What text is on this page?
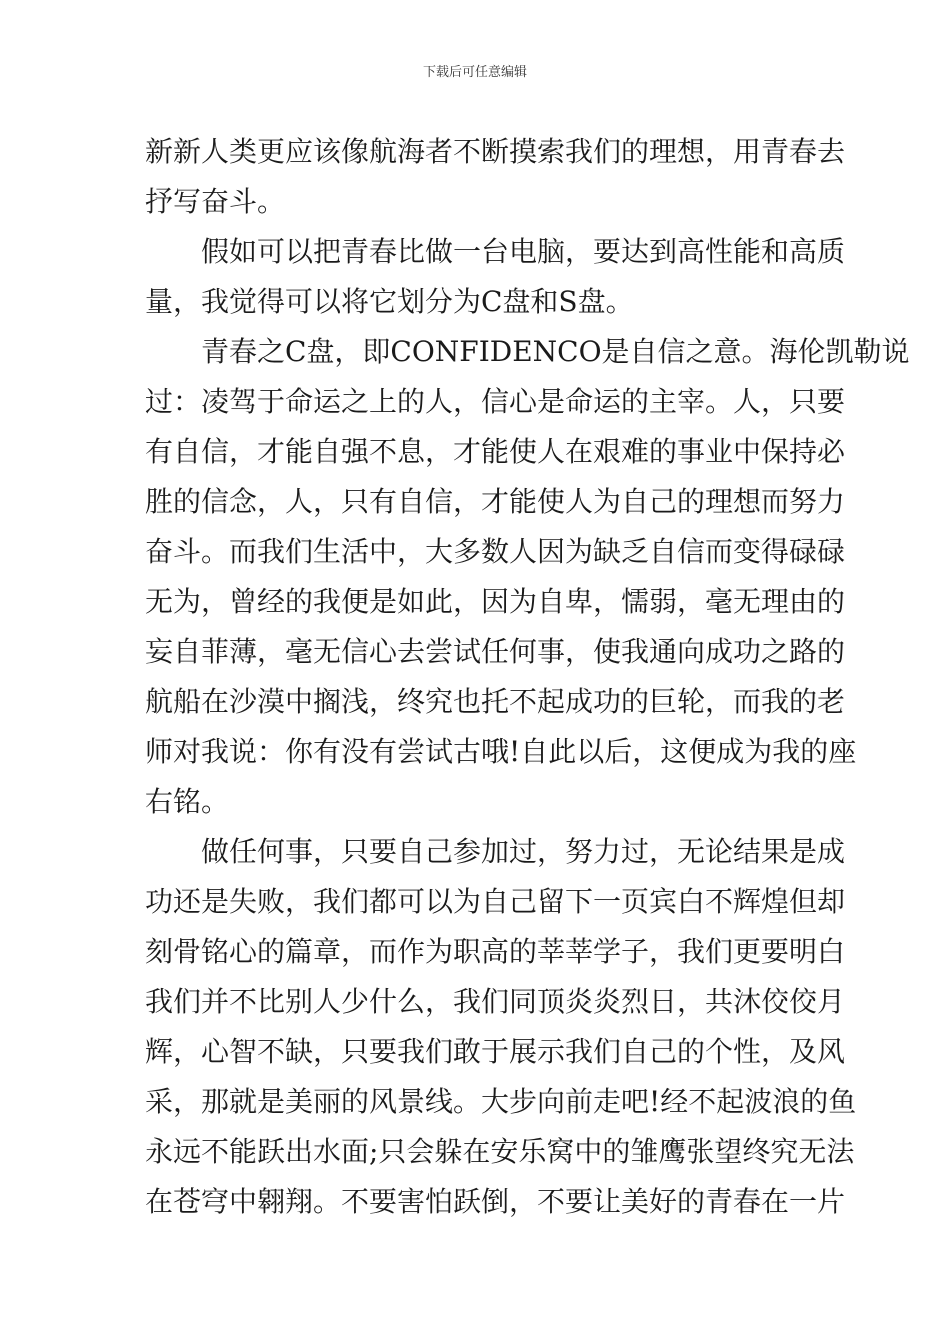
下载后可任意编辑
新新人类更应该像航海者不断摸索我们的理想，用青春去
抒写奋斗。
假如可以把青春比做一台电脑，要达到高性能和高质
量，我觉得可以将它划分为C盘和S盘。
青春之C盘，即CONFIDENCO是自信之意。海伦凯勒说
过：凌驾于命运之上的人，信心是命运的主宰。人，只要
有自信，才能自强不息，才能使人在艰难的事业中保持必
胜的信念，人，只有自信，才能使人为自己的理想而努力
奋斗。而我们生活中，大多数人因为缺乏自信而变得碌碌
无为，曾经的我便是如此，因为自卑，懦弱，毫无理由的
妄自菲薄，毫无信心去尝试任何事，使我通向成功之路的
航船在沙漠中搁浅，终究也托不起成功的巨轮，而我的老
师对我说：你有没有尝试古哦!自此以后，这便成为我的座
右铭。
做任何事，只要自己参加过，努力过，无论结果是成
功还是失败，我们都可以为自己留下一页宾白不辉煌但却
刻骨铭心的篇章，而作为职高的莘莘学子，我们更要明白
我们并不比别人少什么，我们同顶炎炎烈日，共沐佼佼月
辉，心智不缺，只要我们敢于展示我们自己的个性，及风
采，那就是美丽的风景线。大步向前走吧!经不起波浪的鱼
永远不能跃出水面;只会躲在安乐窝中的雏鹰张望终究无法
在苍穹中翱翔。不要害怕跃倒，不要让美好的青春在一片
